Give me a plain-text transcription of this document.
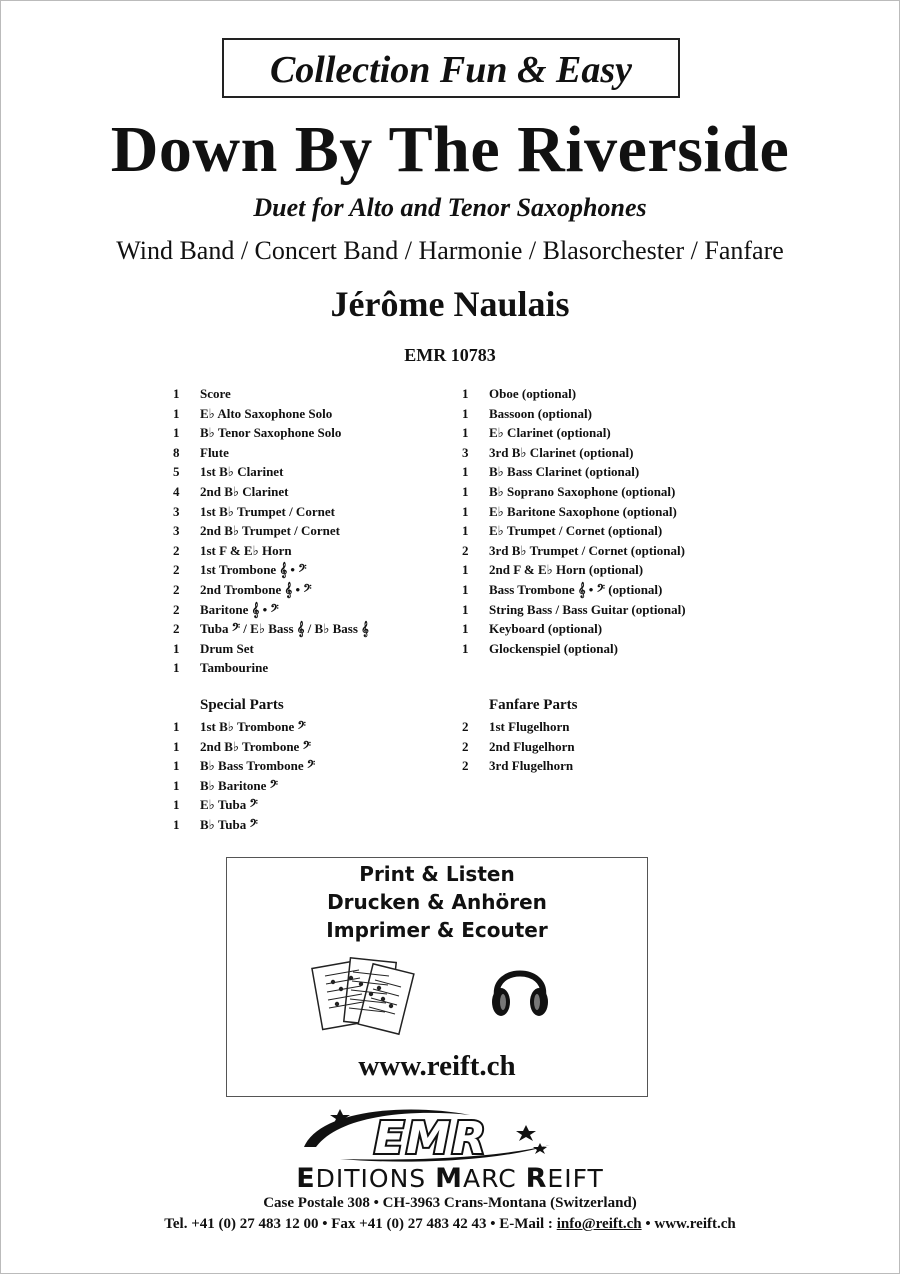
Collection Fun & Easy
Down By The Riverside
Duet for Alto and Tenor Saxophones
Wind Band / Concert Band / Harmonie / Blasorchester / Fanfare
Jérôme Naulais
EMR 10783
1 Score
1 E♭ Alto Saxophone Solo
1 B♭ Tenor Saxophone Solo
8 Flute
5 1st B♭ Clarinet
4 2nd B♭ Clarinet
3 1st B♭ Trumpet / Cornet
3 2nd B♭ Trumpet / Cornet
2 1st F & E♭ Horn
2 1st Trombone 𝄞 • 𝄢
2 2nd Trombone 𝄞 • 𝄢
2 Baritone 𝄞 • 𝄢
2 Tuba 𝄢 / E♭ Bass 𝄞 / B♭ Bass 𝄞
1 Drum Set
1 Tambourine
1 Oboe (optional)
1 Bassoon (optional)
1 E♭ Clarinet (optional)
3 3rd B♭ Clarinet (optional)
1 B♭ Bass Clarinet (optional)
1 B♭ Soprano Saxophone (optional)
1 E♭ Baritone Saxophone (optional)
1 E♭ Trumpet / Cornet (optional)
2 3rd B♭ Trumpet / Cornet (optional)
1 2nd F & E♭ Horn (optional)
1 Bass Trombone 𝄞 • 𝄢 (optional)
1 String Bass / Bass Guitar (optional)
1 Keyboard (optional)
1 Glockenspiel (optional)
Special Parts	Fanfare Parts
1 1st B♭ Trombone 𝄢
1 2nd B♭ Trombone 𝄢
1 B♭ Bass Trombone 𝄢
1 B♭ Baritone 𝄢
1 E♭ Tuba 𝄢
1 B♭ Tuba 𝄢
2 1st Flugelhorn
2 2nd Flugelhorn
2 3rd Flugelhorn
Print & Listen
Drucken & Anhören
Imprimer & Ecouter
www.reift.ch
EMR
EDITIONS MARC REIFT
Case Postale 308 • CH-3963 Crans-Montana (Switzerland)
Tel. +41 (0) 27 483 12 00 • Fax +41 (0) 27 483 42 43 • E-Mail : info@reift.ch • www.reift.ch
